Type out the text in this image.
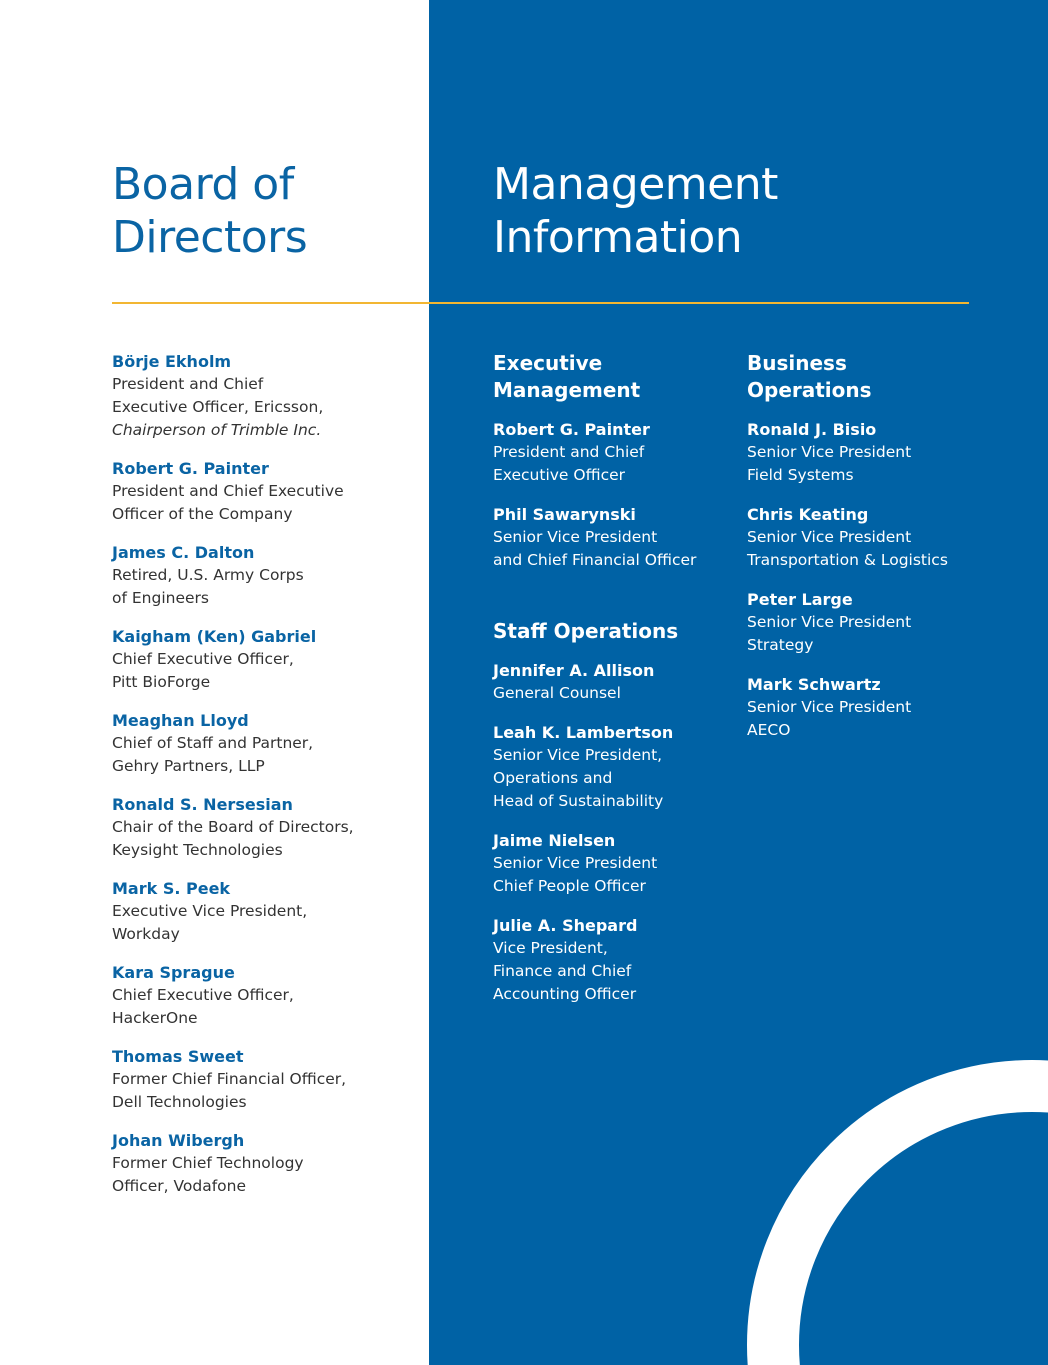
Board of
Directors
Management
Information
Börje Ekholm
President and Chief
Executive Officer, Ericsson,
Chairperson of Trimble Inc.
Robert G. Painter
President and Chief Executive
Officer of the Company
James C. Dalton
Retired, U.S. Army Corps
of Engineers
Kaigham (Ken) Gabriel
Chief Executive Officer,
Pitt BioForge
Meaghan Lloyd
Chief of Staff and Partner,
Gehry Partners, LLP
Ronald S. Nersesian
Chair of the Board of Directors,
Keysight Technologies
Mark S. Peek
Executive Vice President,
Workday
Kara Sprague
Chief Executive Officer,
HackerOne
Thomas Sweet
Former Chief Financial Officer,
Dell Technologies
Johan Wibergh
Former Chief Technology
Officer, Vodafone
Executive
Management
Robert G. Painter
President and Chief
Executive Officer
Phil Sawarynski
Senior Vice President
and Chief Financial Officer
Staff Operations
Jennifer A. Allison
General Counsel
Leah K. Lambertson
Senior Vice President,
Operations and
Head of Sustainability
Jaime Nielsen
Senior Vice President
Chief People Officer
Julie A. Shepard
Vice President,
Finance and Chief
Accounting Officer
Business
Operations
Ronald J. Bisio
Senior Vice President
Field Systems
Chris Keating
Senior Vice President
Transportation & Logistics
Peter Large
Senior Vice President
Strategy
Mark Schwartz
Senior Vice President
AECO
